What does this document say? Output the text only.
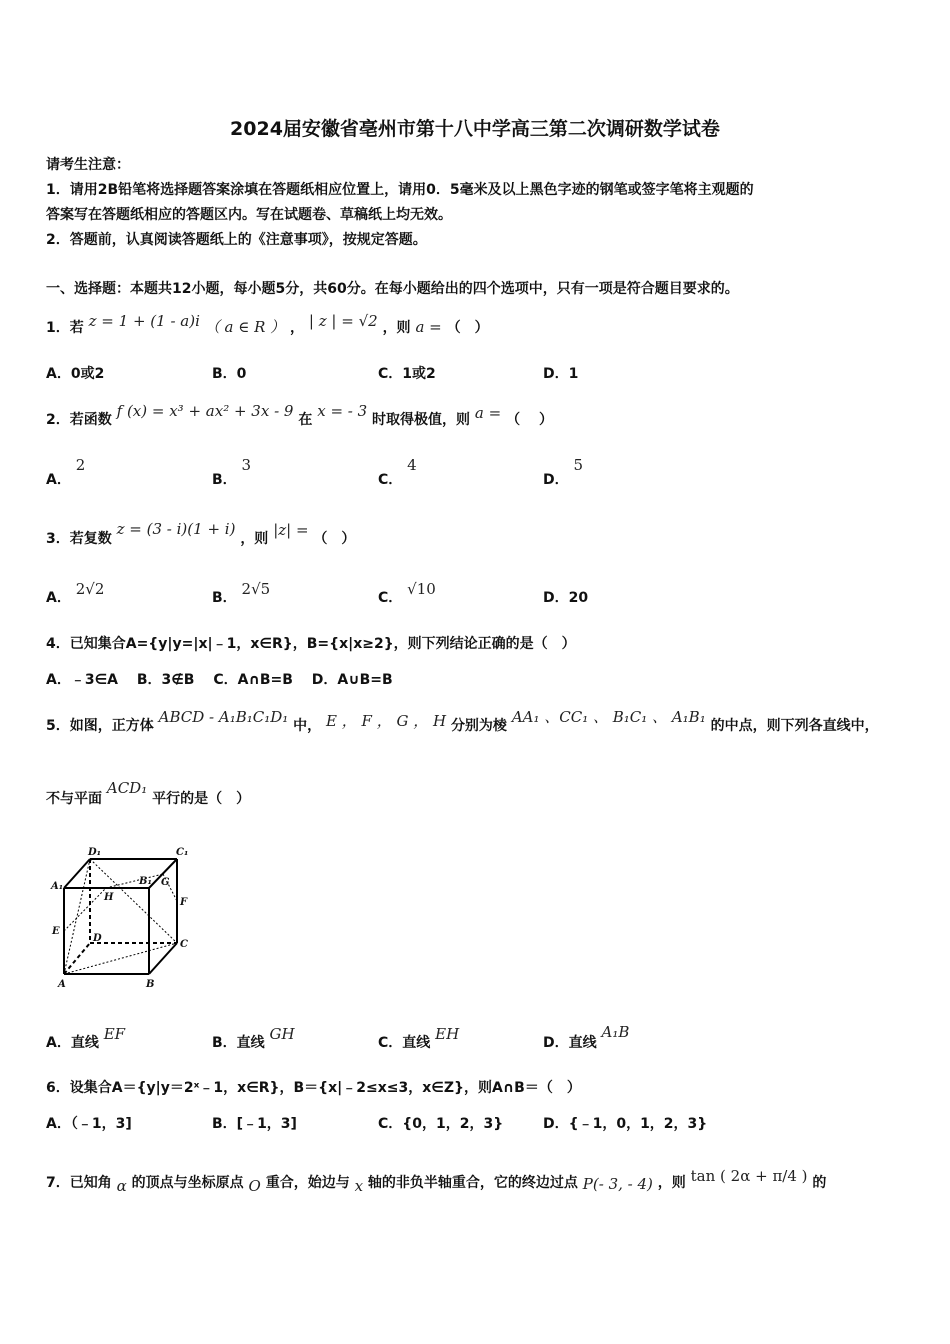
2024届安徽省亳州市第十八中学高三第二次调研数学试卷
请考生注意：
1．请用2B铅笔将选择题答案涂填在答题纸相应位置上，请用0．5毫米及以上黑色字迹的钢笔或签字笔将主观题的
答案写在答题纸相应的答题区内。写在试题卷、草稿纸上均无效。
2．答题前，认真阅读答题纸上的《注意事项》，按规定答题。
一、选择题：本题共12小题，每小题5分，共60分。在每小题给出的四个选项中，只有一项是符合题目要求的。
1．若 z = 1 + (1 - a)i （ a ∈ R ） ， | z | = √2 ，则 a = （　）
A．0或2	B．0	C．1或2	D．1
2．若函数 f (x) = x³ + ax² + 3x - 9 在 x = - 3 时取得极值，则 a = （　 ）
A． 2
B． 3
C． 4
D． 5
3．若复数 z = (3 - i)(1 + i) ，则 |z| = （　）
A． 2√2	B． 2√5	C． √10	D．20
4．已知集合A={y|y=|x|﹣1，x∈R}，B={x|x≥2}，则下列结论正确的是（　）
A．﹣3∈A　 B．3∉B　 C．A∩B=B　 D．A∪B=B
5．如图，正方体 ABCD - A₁B₁C₁D₁ 中， E ， F ， G ， H 分别为棱 AA₁ 、CC₁ 、 B₁C₁ 、 A₁B₁ 的中点，则下列各直线中，
不与平面 ACD₁ 平行的是（　）
D₁	C₁
A₁	B₁ G
H	F
E
D
C
A	B
A．直线 EF	B．直线 GH	C．直线 EH	D．直线 A₁B
6．设集合A＝{y|y＝2ˣ﹣1，x∈R}，B＝{x|﹣2≤x≤3，x∈Z}，则A∩B＝（　）
A．（﹣1，3]	B．[﹣1，3]	C．{0，1，2，3}	D．{﹣1，0，1，2，3}
7．已知角 α 的顶点与坐标原点 O 重合，始边与 x 轴的非负半轴重合，它的终边过点 P(- 3, - 4) ，则 tan ( 2α + π/4 ) 的
